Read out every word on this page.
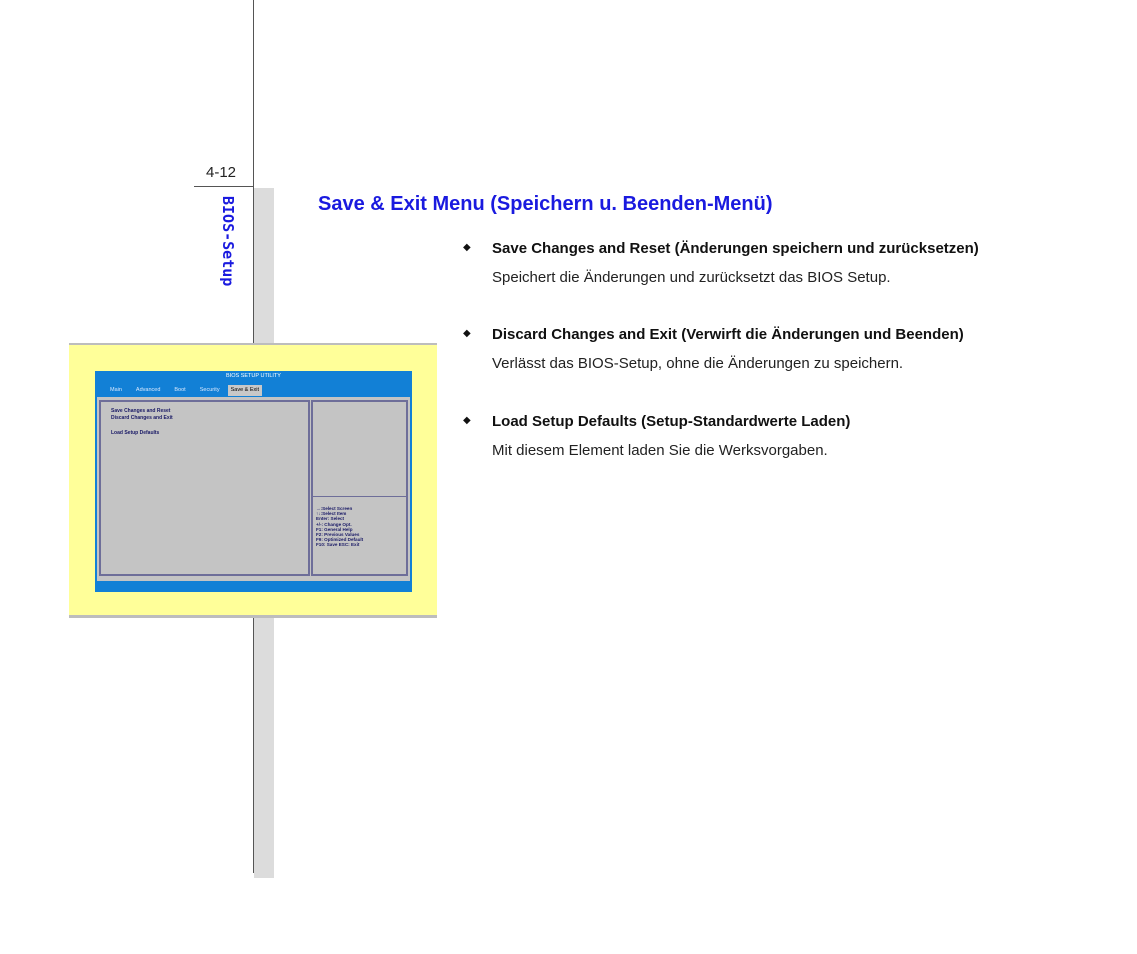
4-12
BIOS-Setup
BIOS SETUP UTILITY
Main	Advanced	Boot	Security	Save & Exit
Save Changes and Reset
Discard Changes and Exit
Load Setup Defaults
→:Select Screen
↑↓:Select Item
Enter: Select
+/-: Change Opt.
F1: General Help
F2: Previous Values
F9: Optimized Default
F10: Save ESC: Exit
Save & Exit Menu (Speichern u. Beenden-Menü)
◆ Save Changes and Reset (Änderungen speichern und zurücksetzen)
Speichert die Änderungen und zurücksetzt das BIOS Setup.
◆ Discard Changes and Exit (Verwirft die Änderungen und Beenden)
Verlässt das BIOS-Setup, ohne die Änderungen zu speichern.
◆ Load Setup Defaults (Setup-Standardwerte Laden)
Mit diesem Element laden Sie die Werksvorgaben.
